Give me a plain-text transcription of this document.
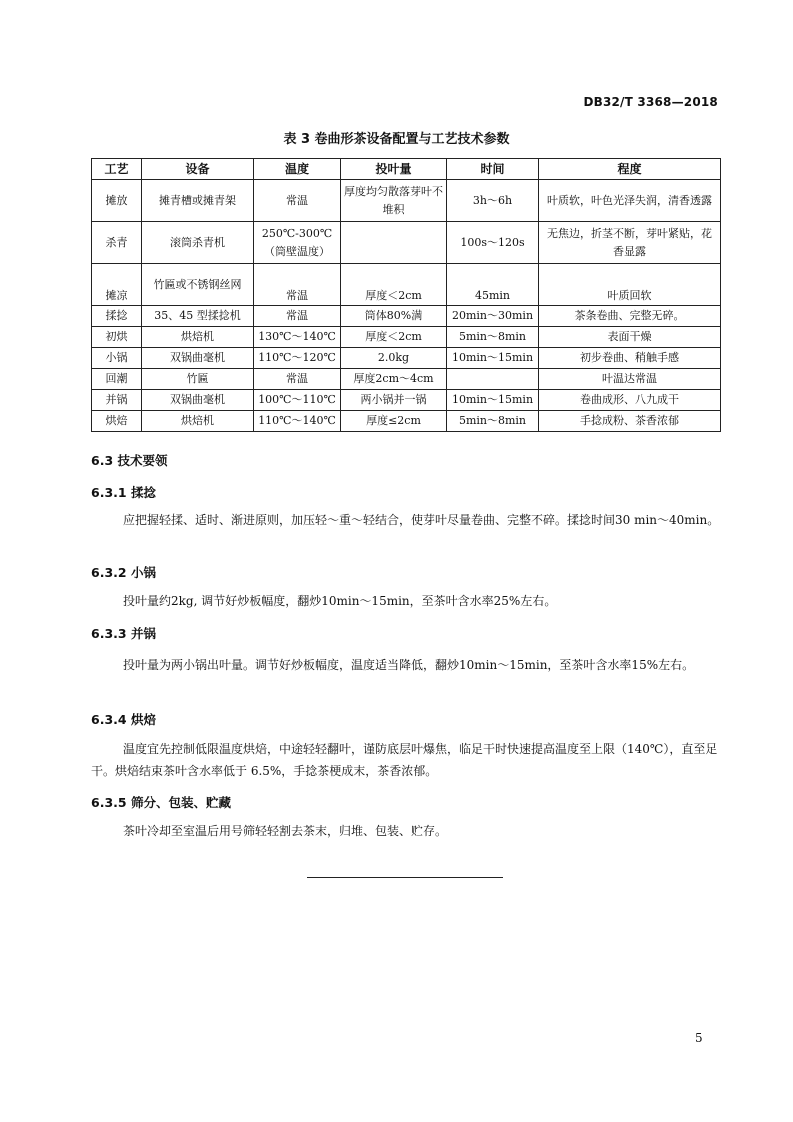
DB32/T 3368—2018
表 3 卷曲形茶设备配置与工艺技术参数
工艺	设备	温度	投叶量	时间	程度
摊放	摊青槽或摊青架	常温	厚度均匀散落芽叶不堆积	3h～6h	叶质软，叶色光泽失润，清香透露
杀青	滚筒杀青机	250℃-300℃（筒壁温度）		100s～120s	无焦边，折茎不断，芽叶紧贴，花香显露
摊凉	竹匾或不锈钢丝网	常温	厚度＜2cm	45min	叶质回软
揉捻	35、45 型揉捻机	常温	筒体80%满	20min～30min	茶条卷曲、完整无碎。
初烘	烘焙机	130℃～140℃	厚度＜2cm	5min～8min	表面干燥
小锅	双锅曲毫机	110℃～120℃	2.0kg	10min～15min	初步卷曲、稍触手感
回潮	竹匾	常温	厚度2cm～4cm		叶温达常温
并锅	双锅曲毫机	100℃～110℃	两小锅并一锅	10min～15min	卷曲成形、八九成干
烘焙	烘焙机	110℃～140℃	厚度≤2cm	5min～8min	手捻成粉、茶香浓郁
6.3 技术要领
6.3.1 揉捻

应把握轻揉、适时、渐进原则，加压轻～重～轻结合，使芽叶尽量卷曲、完整不碎。揉捻时间30 min～40min。

6.3.2 小锅

投叶量约2kg, 调节好炒板幅度，翻炒10min～15min，至茶叶含水率25%左右。

6.3.3 并锅

投叶量为两小锅出叶量。调节好炒板幅度，温度适当降低，翻炒10min～15min，至茶叶含水率15%左右。

6.3.4 烘焙

温度宜先控制低限温度烘焙，中途轻轻翻叶，谨防底层叶爆焦，临足干时快速提高温度至上限（140℃），直至足干。烘焙结束茶叶含水率低于 6.5%，手捻茶梗成末，茶香浓郁。

6.3.5 筛分、包装、贮藏

茶叶冷却至室温后用号筛轻轻割去茶末，归堆、包装、贮存。

5
